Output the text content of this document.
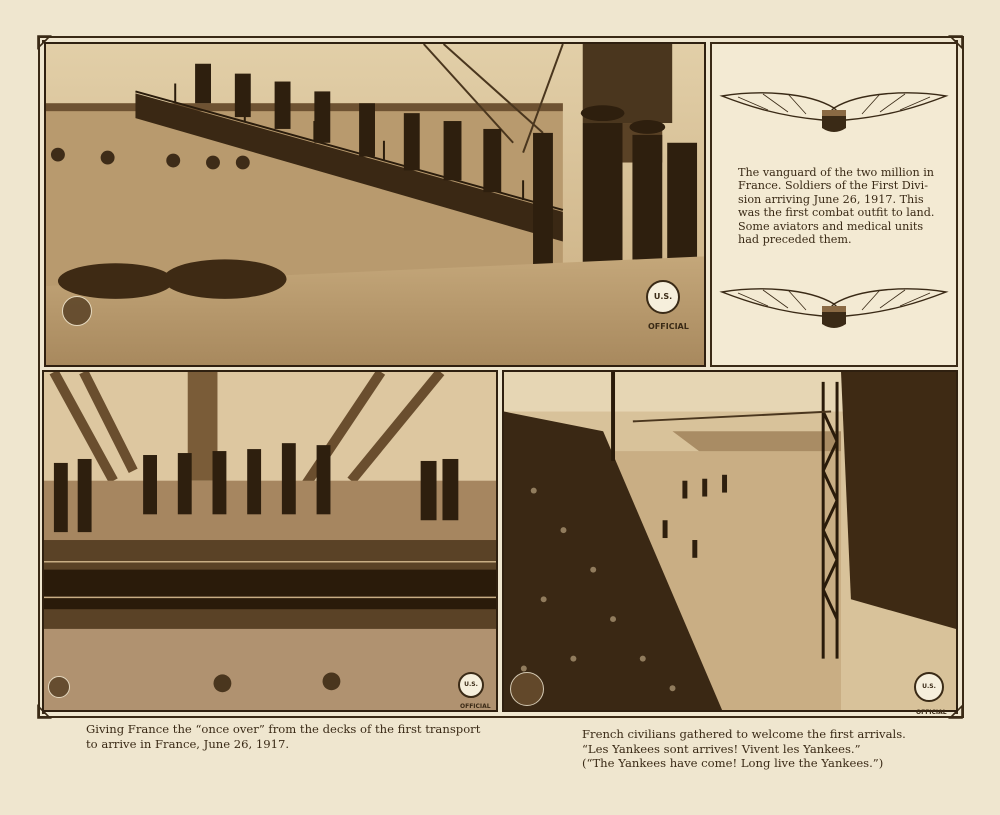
U.S. OFFICIAL
The vanguard of the two million in
France. Soldiers of the First Divi-
sion arriving June 26, 1917. This
was the first combat outfit to land.
Some aviators and medical units
had preceded them.
U.S. OFFICIAL
U.S. OFFICIAL
Giving France the “once over” from the decks of the first transport
to arrive in France, June 26, 1917.
French civilians gathered to welcome the first arrivals.
“Les Yankees sont arrives! Vivent les Yankees.”
(“The Yankees have come! Long live the Yankees.”)
